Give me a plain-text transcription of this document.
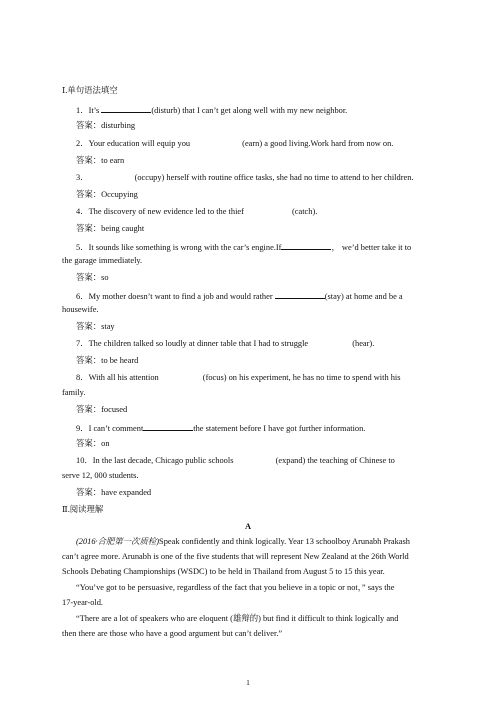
Ⅰ.单句语法填空
1．It’s	(disturb) that I can’t get along well with my new neighbor.
答案：disturbing
2．Your education will equip you	(earn) a good living.Work hard from now on.
答案：to earn
3．	(occupy) herself with routine office tasks, she had no time to attend to her children.
答案：Occupying
4．The discovery of new evidence led to the thief	(catch).
答案：being caught
5．It sounds like something is wrong with the car’s engine.If	， we’d better take it to
the garage immediately.
答案：so
6．My mother doesn’t want to find a job and would rather	(stay) at home and be a
housewife.
答案：stay
7．The children talked so loudly at dinner table that I had to struggle	(hear).
答案：to be heard
8．With all his attention	(focus) on his experiment, he has no time to spend with his
family.
答案：focused
9．I can’t comment	the statement before I have got further information.
答案：on
10．In the last decade, Chicago public schools	(expand) the teaching of Chinese to
serve 12, 000 students.
答案：have expanded
Ⅱ.阅读理解
A
(2016·合肥第一次质检)Speak confidently and think logically. Year 13 schoolboy Arunabh Prakash
can’t agree more. Arunabh is one of the five students that will represent New Zealand at the 26th World
Schools Debating Championships (WSDC) to be held in Thailand from August 5 to 15 this year.
“You’ve got to be persuasive, regardless of the fact that you believe in a topic or not，” says the
17-year-old.
“There are a lot of speakers who are eloquent (雄辩的) but find it difficult to think logically and
then there are those who have a good argument but can’t deliver.”
1
